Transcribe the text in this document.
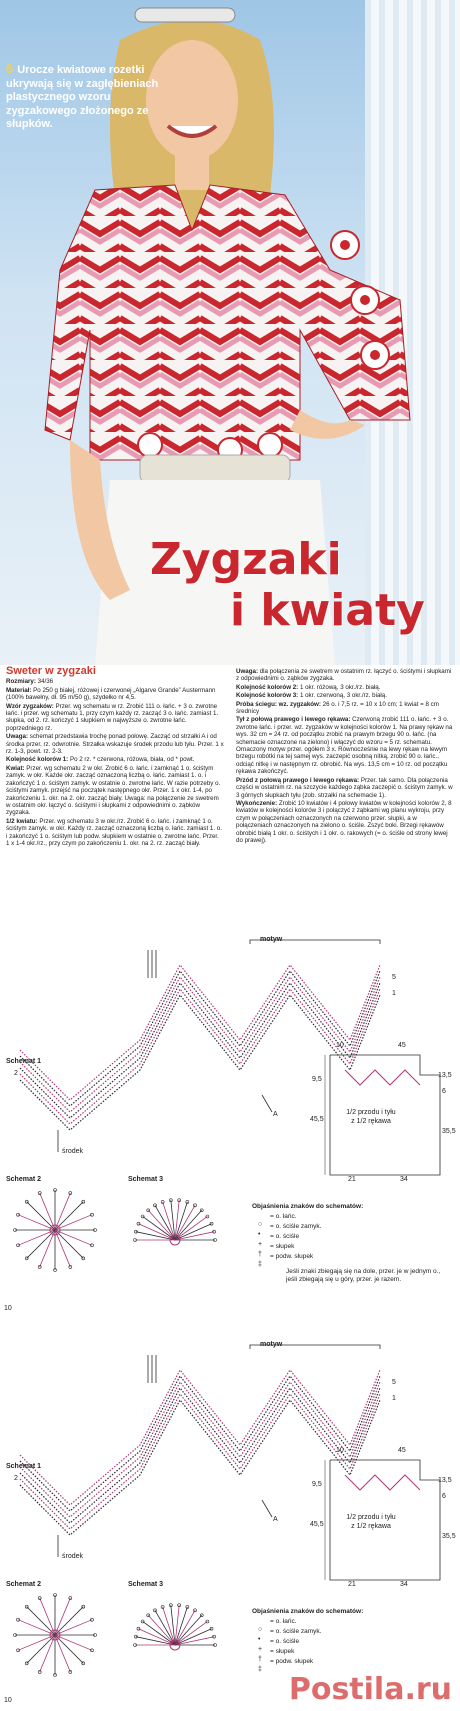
6 Urocze kwiatowe rozetki ukrywają się w zagłębieniach plastycznego wzoru zygzakowego złożonego ze słupków.
Zygzaki
i kwiaty
Sweter w zygzaki
Rozmiary: 34/36
Materiał: Po 250 g białej, różowej i czerwonej „Algarve Grande” Austermann (100% bawełny, dł. 95 m/50 g), szydełko nr 4,5.
Wzór zygzaków: Przer. wg schematu w rz. Zrobić 111 o. łańc. + 3 o. zwrotne łańc. i przer. wg schematu 1, przy czym każdy rz. zacząć 3 o. łańc. zamiast 1. słupka, od 2. rz. kończyć 1 słupkiem w najwyższe o. zwrotne łańc. poprzedniego rz.
Uwaga: schemat przedstawia trochę ponad połowę. Zacząć od strzałki A i od środka przer. rz. odwrotnie. Strzałka wskazuje środek przodu lub tyłu. Przer. 1 x rz. 1-3, powt. rz. 2-3.
Kolejność kolorów 1: Po 2 rz. * czerwona, różowa, biała, od * powt.
Kwiat: Przer. wg schematu 2 w okr. Zrobić 6 o. łańc. i zamknąć 1 o. ściśtym zamyk. w okr. Każde okr. zacząć oznaczoną liczbą o. łańc. zamiast 1. o. i zakończyć 1 o. ściśtym zamyk. w ostatnie o. zwrotne łańc. W razie potrzeby o. ściśtymi zamyk. przejść na początek następnego okr. Przer. 1 x okr. 1-4, po zakończeniu 1. okr. na 2. okr. zacząć biały. Uwaga: na połączenie ze swetrem w ostatnim okr. łączyć o. ściśtymi i słupkami z odpowiednimi o. ząbków zygzaka.
1/2 kwiatu: Przer. wg schematu 3 w okr./rz. Zrobić 6 o. łańc. i zamknąć 1 o. ściśtym zamyk. w okr. Każdy rz. zacząć oznaczoną liczbą o. łańc. zamiast 1. o. i zakończyć 1 o. ściśtym lub podw. słupkiem w ostatnie o. zwrotne łańc. Przer. 1 x 1-4 okr./rz., przy czym po zakończeniu 1. okr. na 2. rz. zacząć biały.
Uwaga: dla połączenia ze swetrem w ostatnim rz. łączyć o. ściśtymi i słupkami z odpowiednimi o. ząbków zygzaka.
Kolejność kolorów 2: 1 okr. różową, 3 okr./rz. białą.
Kolejność kolorów 3: 1 okr. czerwoną, 3 okr./rz. białą.
Próba ściegu: wz. zygzaków: 26 o. i 7,5 rz. = 10 x 10 cm; 1 kwiat = 8 cm średnicy
Tył z połową prawego i lewego rękawa: Czerwoną zrobić 111 o. łańc. + 3 o. zwrotne łańc. i przer. wz. zygzaków w kolejności kolorów 1. Na prawy rękaw na wys. 32 cm = 24 rz. od początku zrobić na prawym brzegu 90 o. łańc. (na schemacie oznaczone na zielono) i włączyć do wzoru = 5 rz. schematu. Ornaczony motyw przer. ogółem 3 x. Równocześnie na lewy rękaw na lewym brzegu robótki na tej samej wys. zaczepić osobną nitką, zrobić 90 o. łańc., odciąć nitkę i w następnym rz. obrobić. Na wys. 13,5 cm = 10 rz. od początku rękawa zakończyć.
Przód z połową prawego i lewego rękawa: Przer. tak samo. Dla połączenia części w ostatnim rz. na szczycie każdego ząbka zaczepić o. ściśtym zamyk. w 3 górnych słupkach tyłu (zob. strzałki na schemacie 1).
Wykończenie: Zrobić 10 kwiatów i 4 połowy kwiatów w kolejności kolorów 2, 8 kwiatów w kolejności kolorów 3 i połączyć z ząbkami wg planu wykroju, przy czym w połączeniach oznaczonych na czerwono przer. słupki, a w połączeniach oznaczonych na zielono o. ściśle. Zszyć boki. Brzegi rękawów obrobić białą 1 okr. o. ściśtych i 1 okr. o. rakowych (= o. ściśle od strony lewej do prawej).
○
•
+
†
‡
motyw
Schemat 1
Schemat 2	Schemat 3
środek
A
2
5
1
10	45
13,5
6
35,5
9,5
45,5
21	34
1/2 przodu i tyłu z 1/2 rękawa
Objaśnienia znaków do schematów:
= o. łańc.
= o. ściśle zamyk.
= o. ściśle
= słupek
= podw. słupek
Jeśli znaki zbiegają się na dole, przer. je w jednym o., jeśli zbiegają się u góry, przer. je razem.
10
○
•
+
†
‡
motyw
Schemat 1
Schemat 2	Schemat 3
środek
A
2
5
1
10	45
13,5
6
35,5
9,5
45,5
21	34
1/2 przodu i tyłu z 1/2 rękawa
Objaśnienia znaków do schematów:
= o. łańc.
= o. ściśle zamyk.
= o. ściśle
= słupek
= podw. słupek
10	Postila.ru
